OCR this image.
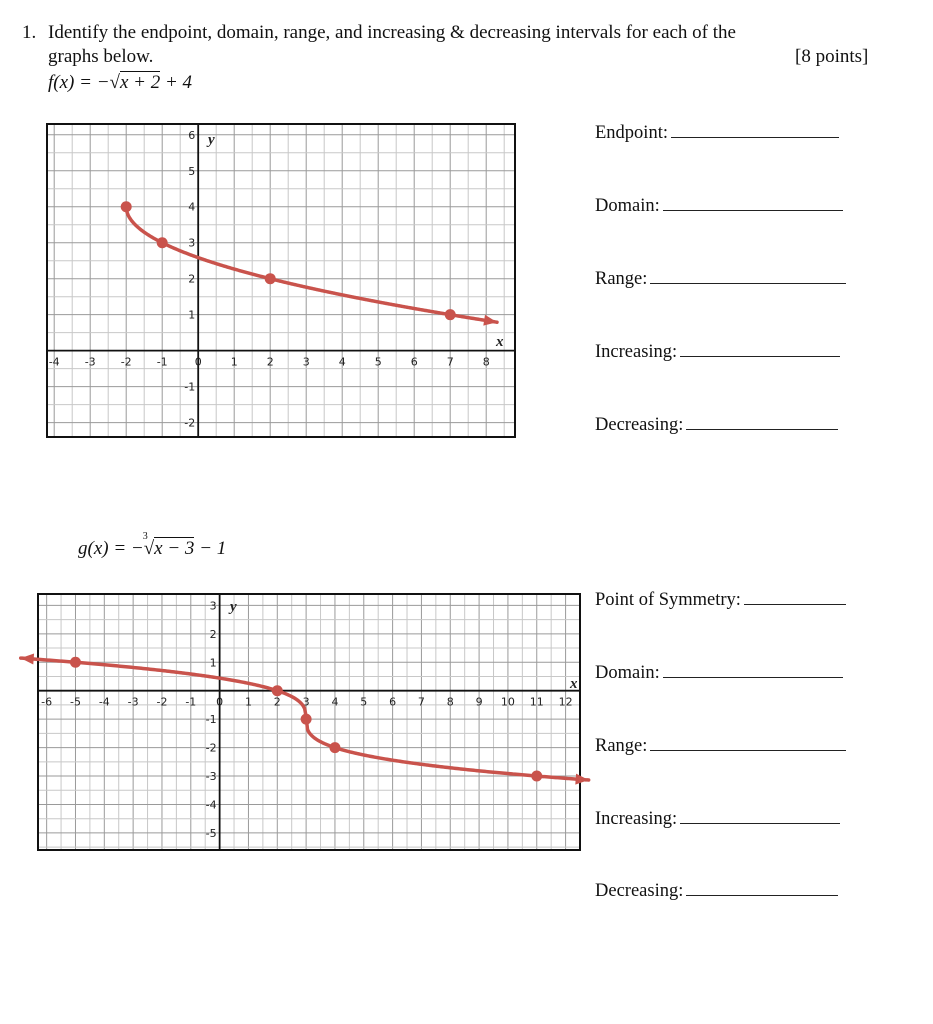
1. Identify the endpoint, domain, range, and increasing & decreasing intervals for each of the
graphs below.	[8 points]
f(x) = −√x + 2 + 4
-4 -3 -2 -1 0	1	2	3	4	5	6	7	8
-2
-1
1
2
3
4
5
6 y
x
Endpoint:
Domain:
Range:
Increasing:
Decreasing:
g(x) = −
3
√x − 3 − 1
-6 -5 -4 -3 -2 -1 0 1 2 3 4 5 6 7 8 9 10 11 12
-5
-4
-3
-2
-1
1
2
3 y
x
Point of Symmetry:
Domain:
Range:
Increasing:
Decreasing:
